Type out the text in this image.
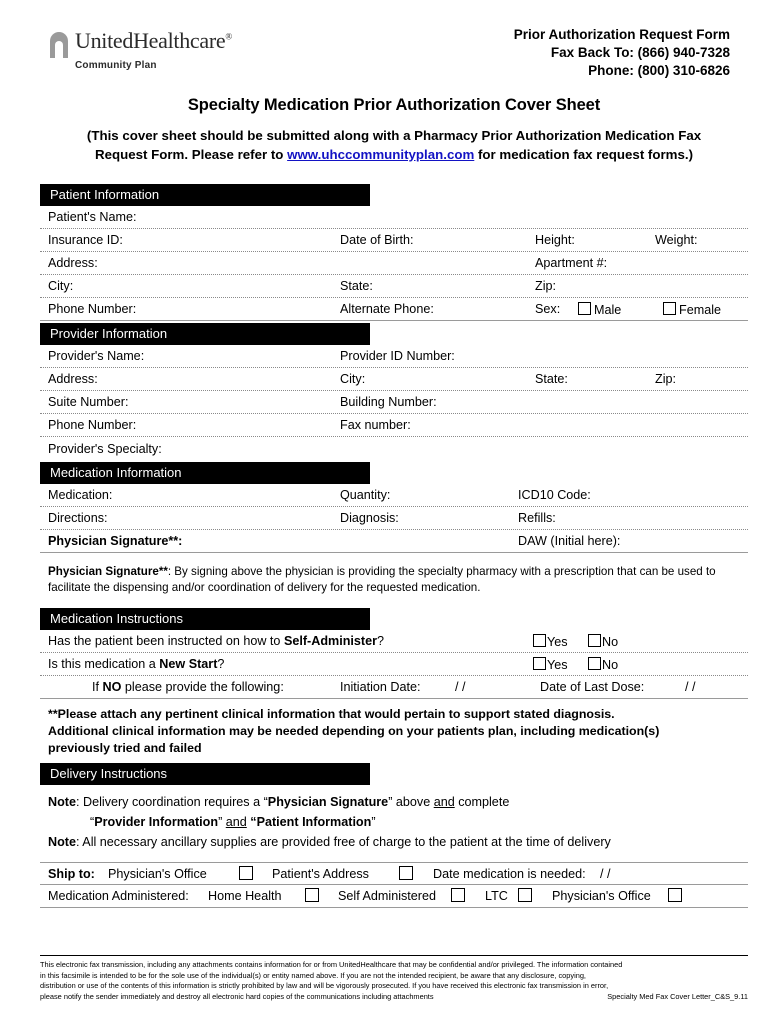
UnitedHealthcare®
Community Plan
Prior Authorization Request Form
Fax Back To: (866) 940-7328
Phone: (800) 310-6826
Specialty Medication Prior Authorization Cover Sheet
(This cover sheet should be submitted along with a Pharmacy Prior Authorization Medication Fax
Request Form. Please refer to www.uhccommunityplan.com for medication fax request forms.)
Patient Information
Patient's Name:
Insurance ID:	Date of Birth:	Height:	Weight:
Address:	Apartment #:
City:	State:	Zip:
Phone Number:	Alternate Phone:	Sex:	Male	Female
Provider Information
Provider's Name:	Provider ID Number:
Address:	City:	State:	Zip:
Suite Number:	Building Number:
Phone Number:	Fax number:
Provider's Specialty:
Medication Information
Medication:	Quantity:	ICD10 Code:
Directions:	Diagnosis:	Refills:
Physician Signature**:	DAW (Initial here):
Physician Signature**: By signing above the physician is providing the specialty pharmacy with a prescription that can be used to facilitate the dispensing and/or coordination of delivery for the requested medication.
Medication Instructions
Has the patient been instructed on how to Self-Administer?	Yes	No
Is this medication a New Start?	Yes	No
If NO please provide the following:	Initiation Date:	/ /	Date of Last Dose:	/ /
**Please attach any pertinent clinical information that would pertain to support stated diagnosis.
Additional clinical information may be needed depending on your patients plan, including medication(s)
previously tried and failed
Delivery Instructions
Note: Delivery coordination requires a “Physician Signature” above and complete
“Provider Information” and “Patient Information”
Note: All necessary ancillary supplies are provided free of charge to the patient at the time of delivery
Ship to: Physician's Office	Patient's Address	Date medication is needed: / /
Medication Administered: Home Health	Self Administered	LTC	Physician's Office
This electronic fax transmission, including any attachments contains information for or from UnitedHealthcare that may be confidential and/or privileged. The information contained
in this facsimile is intended to be for the sole use of the individual(s) or entity named above. If you are not the intended recipient, be aware that any disclosure, copying,
distribution or use of the contents of this information is strictly prohibited by law and will be vigorously prosecuted. If you have received this electronic fax transmission in error,
please notify the sender immediately and destroy all electronic hard copies of the communications including attachments	Specialty Med Fax Cover Letter_C&S_9.11
